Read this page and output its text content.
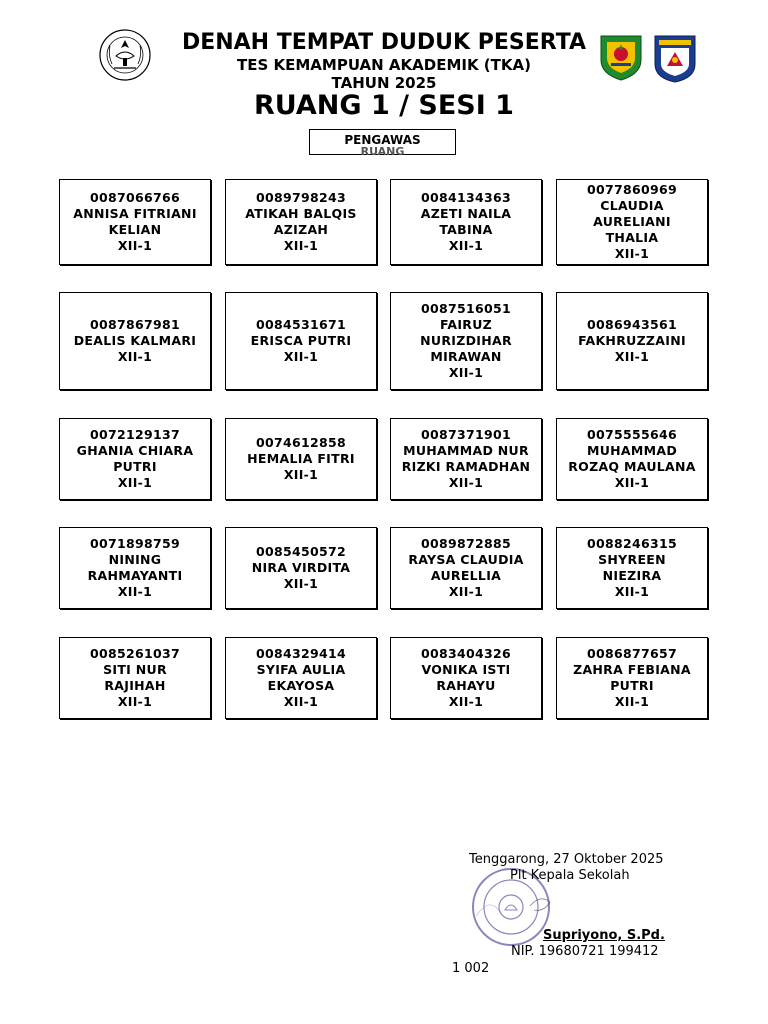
DENAH TEMPAT DUDUK PESERTA
TES KEMAMPUAN AKADEMIK (TKA)
TAHUN 2025
RUANG 1 / SESI 1
PENGAWAS
RUANG
0087066766
ANNISA FITRIANI
KELIAN
XII-1
0089798243
ATIKAH BALQIS
AZIZAH
XII-1
0084134363
AZETI NAILA
TABINA
XII-1
0077860969
CLAUDIA
AURELIANI
THALIA
XII-1
0087867981
DEALIS KALMARI
XII-1
0084531671
ERISCA PUTRI
XII-1
0087516051
FAIRUZ
NURIZDIHAR
MIRAWAN
XII-1
0086943561
FAKHRUZZAINI
XII-1
0072129137
GHANIA CHIARA
PUTRI
XII-1
0074612858
HEMALIA FITRI
XII-1
0087371901
MUHAMMAD NUR
RIZKI RAMADHAN
XII-1
0075555646
MUHAMMAD
ROZAQ MAULANA
XII-1
0071898759
NINING
RAHMAYANTI
XII-1
0085450572
NIRA VIRDITA
XII-1
0089872885
RAYSA CLAUDIA
AURELLIA
XII-1
0088246315
SHYREEN
NIEZIRA
XII-1
0085261037
SITI NUR
RAJIHAH
XII-1
0084329414
SYIFA AULIA
EKAYOSA
XII-1
0083404326
VONIKA ISTI
RAHAYU
XII-1
0086877657
ZAHRA FEBIANA
PUTRI
XII-1
Tenggarong, 27 Oktober 2025
Plt Kepala Sekolah
Supriyono, S.Pd.
NIP. 19680721 199412
1 002
